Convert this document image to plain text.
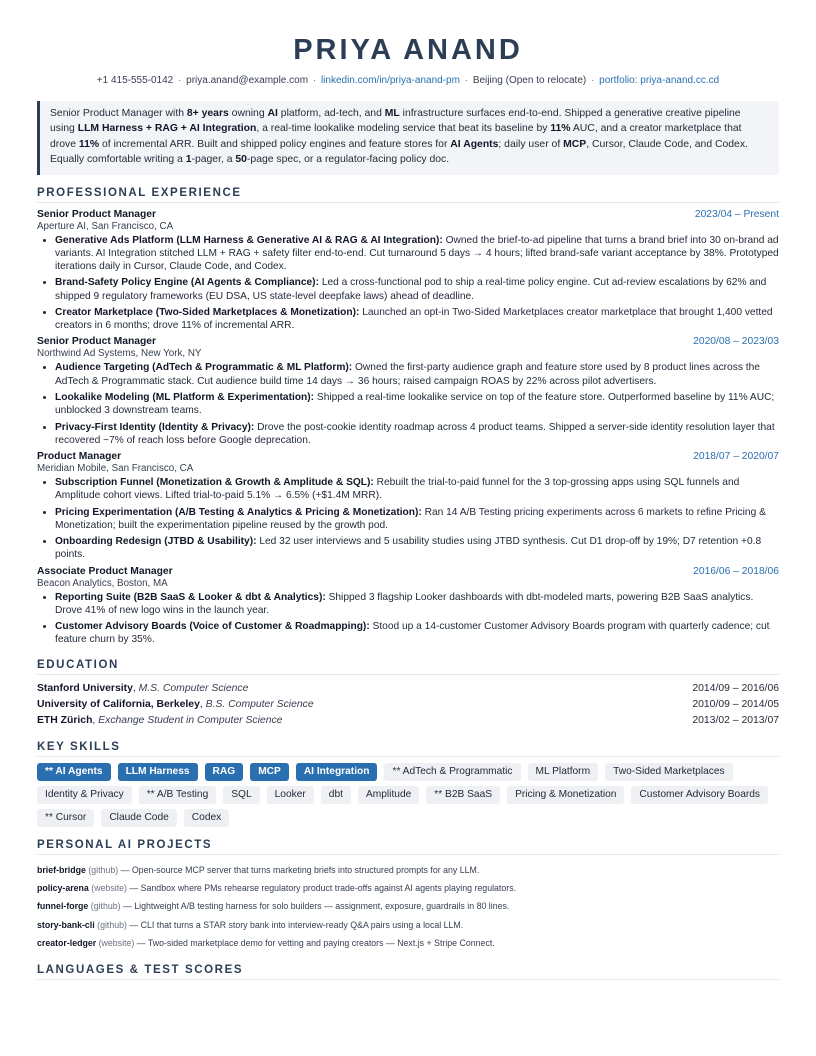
PRIYA ANAND
+1 415-555-0142 · priya.anand@example.com · linkedin.com/in/priya-anand-pm · Beijing (Open to relocate) · portfolio: priya-anand.cc.cd
Senior Product Manager with 8+ years owning AI platform, ad-tech, and ML infrastructure surfaces end-to-end. Shipped a generative creative pipeline using LLM Harness + RAG + AI Integration, a real-time lookalike modeling service that beat its baseline by 11% AUC, and a creator marketplace that drove 11% of incremental ARR. Built and shipped policy engines and feature stores for AI Agents; daily user of MCP, Cursor, Claude Code, and Codex. Equally comfortable writing a 1-pager, a 50-page spec, or a regulator-facing policy doc.
PROFESSIONAL EXPERIENCE
Senior Product Manager	2023/04 – Present
Aperture AI, San Francisco, CA
• Generative Ads Platform (LLM Harness & Generative AI & RAG & AI Integration): Owned the brief-to-ad pipeline that turns a brand brief into 30 on-brand ad variants. AI Integration stitched LLM + RAG + safety filter end-to-end. Cut turnaround 5 days → 4 hours; lifted brand-safe variant acceptance by 38%. Prototyped iterations daily in Cursor, Claude Code, and Codex.
• Brand-Safety Policy Engine (AI Agents & Compliance): Led a cross-functional pod to ship a real-time policy engine. Cut ad-review escalations by 62% and shipped 9 regulatory frameworks (EU DSA, US state-level deepfake laws) ahead of deadline.
• Creator Marketplace (Two-Sided Marketplaces & Monetization): Launched an opt-in Two-Sided Marketplaces creator marketplace that brought 1,400 vetted creators in 6 months; drove 11% of incremental ARR.
Senior Product Manager	2020/08 – 2023/03
Northwind Ad Systems, New York, NY
• Audience Targeting (AdTech & Programmatic & ML Platform): Owned the first-party audience graph and feature store used by 8 product lines across the AdTech & Programmatic stack. Cut audience build time 14 days → 36 hours; raised campaign ROAS by 22% across pilot advertisers.
• Lookalike Modeling (ML Platform & Experimentation): Shipped a real-time lookalike service on top of the feature store. Outperformed baseline by 11% AUC; unblocked 3 downstream teams.
• Privacy-First Identity (Identity & Privacy): Drove the post-cookie identity roadmap across 4 product teams. Shipped a server-side identity resolution layer that recovered ~7% of reach loss before Google deprecation.
Product Manager	2018/07 – 2020/07
Meridian Mobile, San Francisco, CA
• Subscription Funnel (Monetization & Growth & Amplitude & SQL): Rebuilt the trial-to-paid funnel for the 3 top-grossing apps using SQL funnels and Amplitude cohort views. Lifted trial-to-paid 5.1% → 6.5% (+$1.4M MRR).
• Pricing Experimentation (A/B Testing & Analytics & Pricing & Monetization): Ran 14 A/B Testing pricing experiments across 6 markets to refine Pricing & Monetization; built the experimentation pipeline reused by the growth pod.
• Onboarding Redesign (JTBD & Usability): Led 32 user interviews and 5 usability studies using JTBD synthesis. Cut D1 drop-off by 19%; D7 retention +0.8 points.
Associate Product Manager	2016/06 – 2018/06
Beacon Analytics, Boston, MA
• Reporting Suite (B2B SaaS & Looker & dbt & Analytics): Shipped 3 flagship Looker dashboards with dbt-modeled marts, powering B2B SaaS analytics. Drove 41% of new logo wins in the launch year.
• Customer Advisory Boards (Voice of Customer & Roadmapping): Stood up a 14-customer Customer Advisory Boards program with quarterly cadence; cut feature churn by 35%.
EDUCATION
Stanford University, M.S. Computer Science	2014/09 – 2016/06
University of California, Berkeley, B.S. Computer Science	2010/09 – 2014/05
ETH Zürich, Exchange Student in Computer Science	2013/02 – 2013/07
KEY SKILLS
** AI Agents	LLM Harness	RAG	MCP	AI Integration	** AdTech & Programmatic	ML Platform	Two-Sided Marketplaces
Identity & Privacy	** A/B Testing	SQL	Looker	dbt	Amplitude	** B2B SaaS	Pricing & Monetization	Customer Advisory Boards
** Cursor	Claude Code	Codex
PERSONAL AI PROJECTS
brief-bridge (github) — Open-source MCP server that turns marketing briefs into structured prompts for any LLM.
policy-arena (website) — Sandbox where PMs rehearse regulatory product trade-offs against AI agents playing regulators.
funnel-forge (github) — Lightweight A/B testing harness for solo builders — assignment, exposure, guardrails in 80 lines.
story-bank-cli (github) — CLI that turns a STAR story bank into interview-ready Q&A pairs using a local LLM.
creator-ledger (website) — Two-sided marketplace demo for vetting and paying creators — Next.js + Stripe Connect.
LANGUAGES & TEST SCORES
